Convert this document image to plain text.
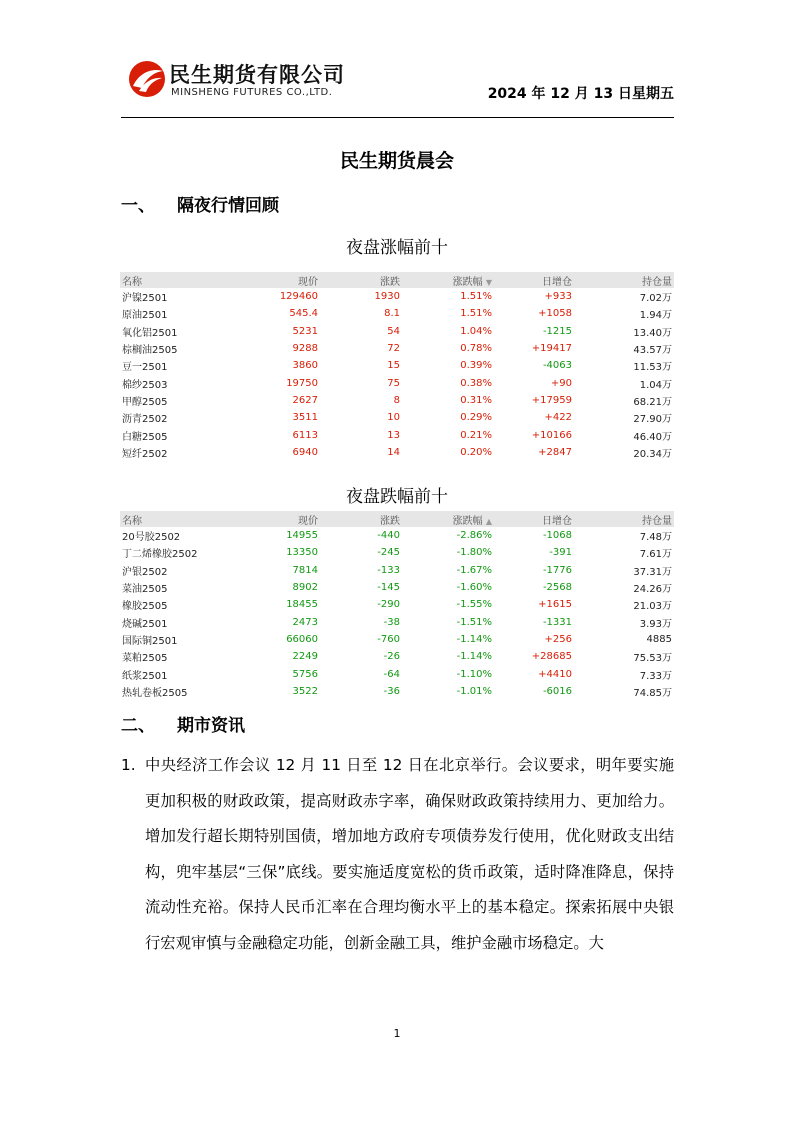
民生期货有限公司
MINSHENG FUTURES CO.,LTD.	2024 年 12 月 13 日星期五
民生期货晨会
一、 隔夜行情回顾
夜盘涨幅前十
名称	现价	涨跌	涨跌幅 ▼	日增仓	持仓量
沪镍2501	129460	1930	1.51%	+933	7.02万
原油2501	545.4	8.1	1.51%	+1058	1.94万
氧化铝2501	5231	54	1.04%	-1215	13.40万
棕榈油2505	9288	72	0.78%	+19417	43.57万
豆一2501	3860	15	0.39%	-4063	11.53万
棉纱2503	19750	75	0.38%	+90	1.04万
甲醇2505	2627	8	0.31%	+17959	68.21万
沥青2502	3511	10	0.29%	+422	27.90万
白糖2505	6113	13	0.21%	+10166	46.40万
短纤2502	6940	14	0.20%	+2847	20.34万
夜盘跌幅前十
名称	现价	涨跌	涨跌幅 ▲	日增仓	持仓量
20号胶2502	14955	-440	-2.86%	-1068	7.48万
丁二烯橡胶2502	13350	-245	-1.80%	-391	7.61万
沪银2502	7814	-133	-1.67%	-1776	37.31万
菜油2505	8902	-145	-1.60%	-2568	24.26万
橡胶2505	18455	-290	-1.55%	+1615	21.03万
烧碱2501	2473	-38	-1.51%	-1331	3.93万
国际铜2501	66060	-760	-1.14%	+256	4885
菜粕2505	2249	-26	-1.14%	+28685	75.53万
纸浆2501	5756	-64	-1.10%	+4410	7.33万
热轧卷板2505	3522	-36	-1.01%	-6016	74.85万
二、 期市资讯
1. 中央经济工作会议 12 月 11 日至 12 日在北京举行。会议要求，明年要实施更加积极的财政政策，提高财政赤字率，确保财政政策持续用力、更加给力。增加发行超长期特别国债，增加地方政府专项债券发行使用，优化财政支出结构，兜牢基层“三保”底线。要实施适度宽松的货币政策，适时降准降息，保持流动性充裕。保持人民币汇率在合理均衡水平上的基本稳定。探索拓展中央银行宏观审慎与金融稳定功能，创新金融工具，维护金融市场稳定。大
1
